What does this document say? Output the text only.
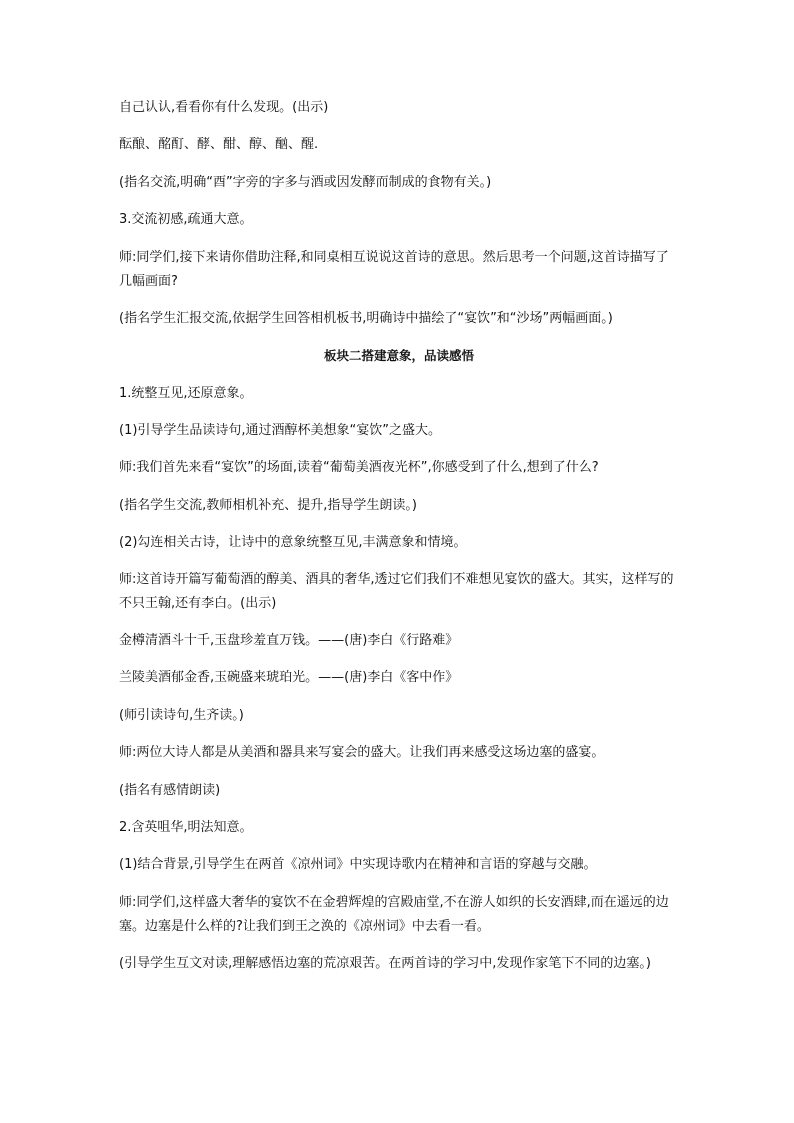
自己认认,看看你有什么发现。(出示)

酝酿、酩酊、酵、酣、醇、酗、醒.

(指名交流,明确“酉”字旁的字多与酒或因发酵而制成的食物有关。)

3.交流初感,疏通大意。

师:同学们,接下来请你借助注释,和同桌相互说说这首诗的意思。然后思考一个问题,这首诗描写了几幅画面?

(指名学生汇报交流,依据学生回答相机板书,明确诗中描绘了“宴饮”和“沙场”两幅画面。)

板块二搭建意象，品读感悟

1.统整互见,还原意象。

(1)引导学生品读诗句,通过酒醇杯美想象“宴饮”之盛大。

师:我们首先来看“宴饮”的场面,读着“葡萄美酒夜光杯”,你感受到了什么,想到了什么?

(指名学生交流,教师相机补充、提升,指导学生朗读。)

(2)勾连相关古诗，让诗中的意象统整互见,丰满意象和情境。

师:这首诗开篇写葡萄酒的醇美、酒具的奢华,透过它们我们不难想见宴饮的盛大。其实，这样写的不只王翰,还有李白。(出示)

金樽清酒斗十千,玉盘珍羞直万钱。——(唐)李白《行路难》

兰陵美酒郁金香,玉碗盛来琥珀光。——(唐)李白《客中作》

(师引读诗句,生齐读。)

师:两位大诗人都是从美酒和器具来写宴会的盛大。让我们再来感受这场边塞的盛宴。

(指名有感情朗读)

2.含英咀华,明法知意。

(1)结合背景,引导学生在两首《凉州词》中实现诗歌内在精神和言语的穿越与交融。

师:同学们,这样盛大奢华的宴饮不在金碧辉煌的宫殿庙堂,不在游人如织的长安酒肆,而在遥远的边塞。边塞是什么样的?让我们到王之涣的《凉州词》中去看一看。

(引导学生互文对读,理解感悟边塞的荒凉艰苦。在两首诗的学习中,发现作家笔下不同的边塞。)
